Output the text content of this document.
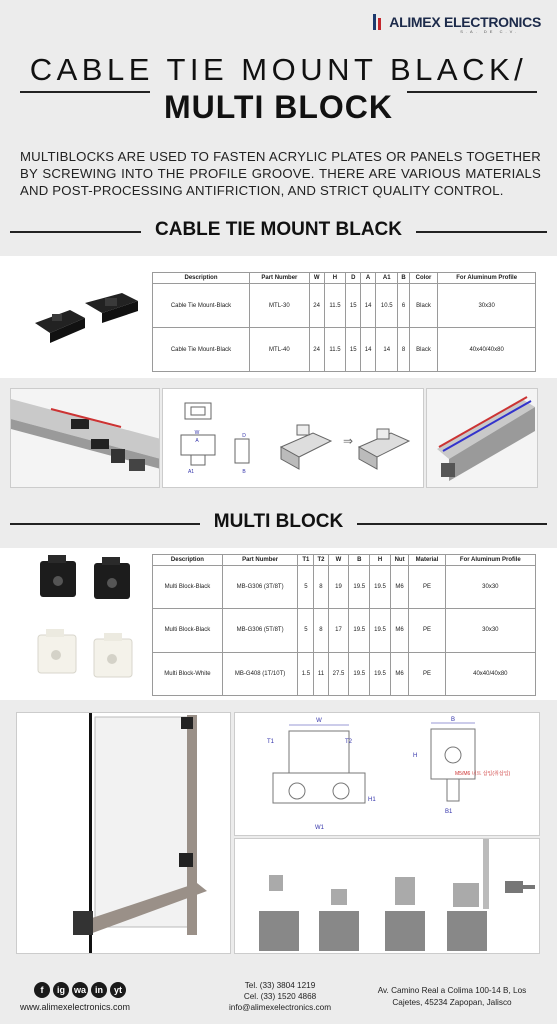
ALIMEX ELECTRONICS
S.A. DE C.V.
CABLE TIE MOUNT BLACK/
MULTI BLOCK

MULTIBLOCKS ARE USED TO FASTEN ACRYLIC PLATES OR PANELS TOGETHER BY SCREWING INTO THE PROFILE GROOVE. THERE ARE VARIOUS MATERIALS AND POST-PROCESSING ANTIFRICTION, AND STRICT QUALITY CONTROL.

CABLE TIE MOUNT BLACK
Description	Part Number	W	H	D	A	A1	B	Color	For Aluminum Profile
Cable Tie Mount-Black	MTL-30	24	11.5	15	14	10.5	6	Black	30x30
Cable Tie Mount-Black	MTL-40	24	11.5	15	14	14	8	Black	40x40/40x80
W	D
A
A1	B
⇒
MULTI BLOCK
Description	Part Number	T1	T2	W	B	H	Nut	Material	For Aluminum Profile
Multi Block-Black	MB-G306 (3T/8T)	5	8	19	19.5	19.5	M6	PE	30x30
Multi Block-Black	MB-G306 (5T/8T)	5	8	17	19.5	19.5	M6	PE	30x30
Multi Block-White	MB-G408 (1T/10T)	1.5	11	27.5	19.5	19.5	M6	PE	40x40/40x80
W
T1	T2
H1
W1
B
H
B1
M5/M6 너트 삽입(취삽입)
f	ig wa	in	yt
www.alimexelectronics.com
Tel. (33) 3804 1219
Cel. (33) 1520 4868
info@alimexelectronics.com
Av. Camino Real a Colima 100-14 B, Los Cajetes, 45234 Zapopan, Jalisco
